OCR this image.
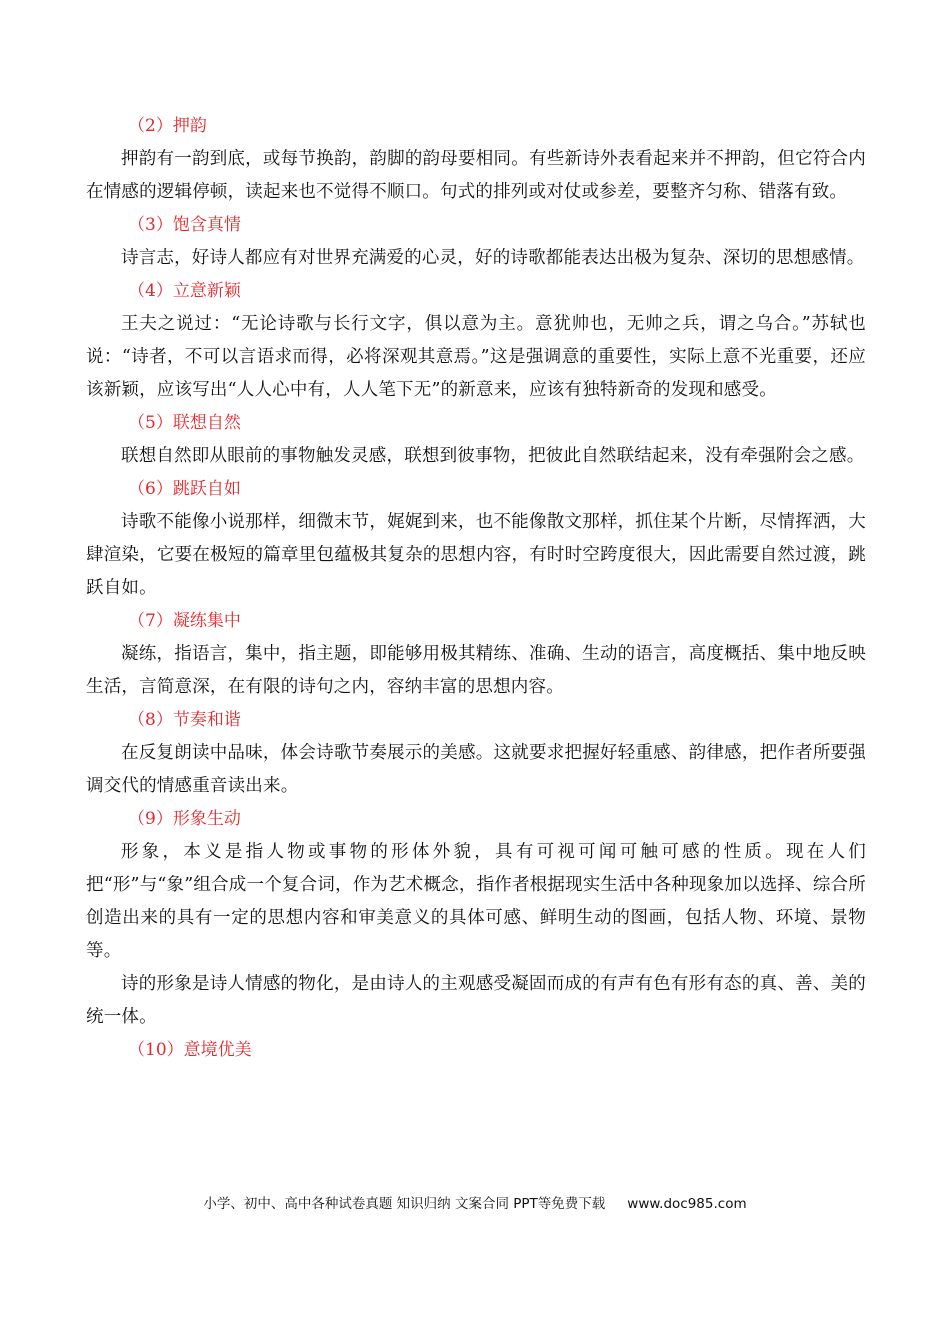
（2）押韵

押韵有一韵到底，或每节换韵，韵脚的韵母要相同。有些新诗外表看起来并不押韵，但它符合内在情感的逻辑停顿，读起来也不觉得不顺口。句式的排列或对仗或参差，要整齐匀称、错落有致。

（3）饱含真情

诗言志，好诗人都应有对世界充满爱的心灵，好的诗歌都能表达出极为复杂、深切的思想感情。

（4）立意新颖

王夫之说过：“无论诗歌与长行文字，俱以意为主。意犹帅也，无帅之兵，谓之乌合。”苏轼也说：“诗者，不可以言语求而得，必将深观其意焉。”这是强调意的重要性，实际上意不光重要，还应该新颖，应该写出“人人心中有，人人笔下无”的新意来，应该有独特新奇的发现和感受。

（5）联想自然

联想自然即从眼前的事物触发灵感，联想到彼事物，把彼此自然联结起来，没有牵强附会之感。

（6）跳跃自如

诗歌不能像小说那样，细微末节，娓娓到来，也不能像散文那样，抓住某个片断，尽情挥洒，大肆渲染，它要在极短的篇章里包蕴极其复杂的思想内容，有时时空跨度很大，因此需要自然过渡，跳跃自如。

（7）凝练集中

凝练，指语言，集中，指主题，即能够用极其精练、准确、生动的语言，高度概括、集中地反映生活，言简意深，在有限的诗句之内，容纳丰富的思想内容。

（8）节奏和谐

在反复朗读中品味，体会诗歌节奏展示的美感。这就要求把握好轻重感、韵律感，把作者所要强调交代的情感重音读出来。

（9）形象生动

形象，本义是指人物或事物的形体外貌，具有可视可闻可触可感的性质。现在人们把“形”与“象”组合成一个复合词，作为艺术概念，指作者根据现实生活中各种现象加以选择、综合所创造出来的具有一定的思想内容和审美意义的具体可感、鲜明生动的图画，包括人物、环境、景物等。

诗的形象是诗人情感的物化，是由诗人的主观感受凝固而成的有声有色有形有态的真、善、美的统一体。

（10）意境优美
小学、初中、高中各种试卷真题 知识归纳 文案合同 PPT等免费下载 www.doc985.com
